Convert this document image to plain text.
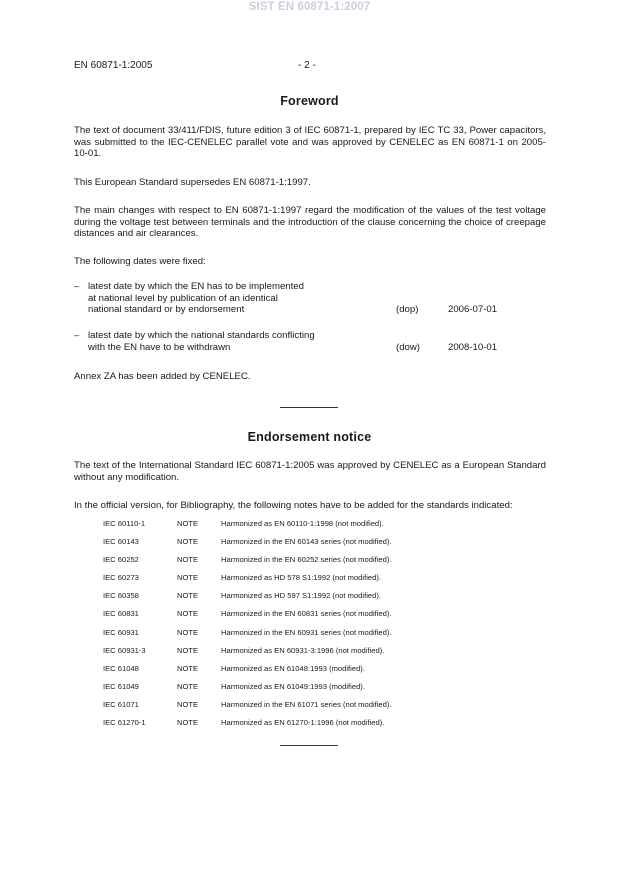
SIST EN 60871-1:2007
EN 60871-1:2005	- 2 -
Foreword
The text of document 33/411/FDIS, future edition 3 of IEC 60871-1, prepared by IEC TC 33, Power capacitors, was submitted to the IEC-CENELEC parallel vote and was approved by CENELEC as EN 60871-1 on 2005-10-01.
This European Standard supersedes EN 60871-1:1997.
The main changes with respect to EN 60871-1:1997 regard the modification of the values of the test voltage during the voltage test between terminals and the introduction of the clause concerning the choice of creepage distances and air clearances.
The following dates were fixed:
– latest date by which the EN has to be implemented
at national level by publication of an identical
national standard or by endorsement	(dop)	2006-07-01
– latest date by which the national standards conflicting
with the EN have to be withdrawn	(dow)	2008-10-01
Annex ZA has been added by CENELEC.
Endorsement notice
The text of the International Standard IEC 60871-1:2005 was approved by CENELEC as a European Standard without any modification.
In the official version, for Bibliography, the following notes have to be added for the standards indicated:
IEC 60110-1	NOTE	Harmonized as EN 60110-1:1998 (not modified).
IEC 60143	NOTE	Harmonized in the EN 60143 series (not modified).
IEC 60252	NOTE	Harmonized in the EN 60252 series (not modified).
IEC 60273	NOTE	Harmonized as HD 578 S1:1992 (not modified).
IEC 60358	NOTE	Harmonized as HD 597 S1:1992 (not modified).
IEC 60831	NOTE	Harmonized in the EN 60831 series (not modified).
IEC 60931	NOTE	Harmonized in the EN 60931 series (not modified).
IEC 60931-3	NOTE	Harmonized as EN 60931-3:1996 (not modified).
IEC 61048	NOTE	Harmonized as EN 61048:1993 (modified).
IEC 61049	NOTE	Harmonized as EN 61049:1993 (modified).
IEC 61071	NOTE	Harmonized in the EN 61071 series (not modified).
IEC 61270-1	NOTE	Harmonized as EN 61270-1:1996 (not modified).
